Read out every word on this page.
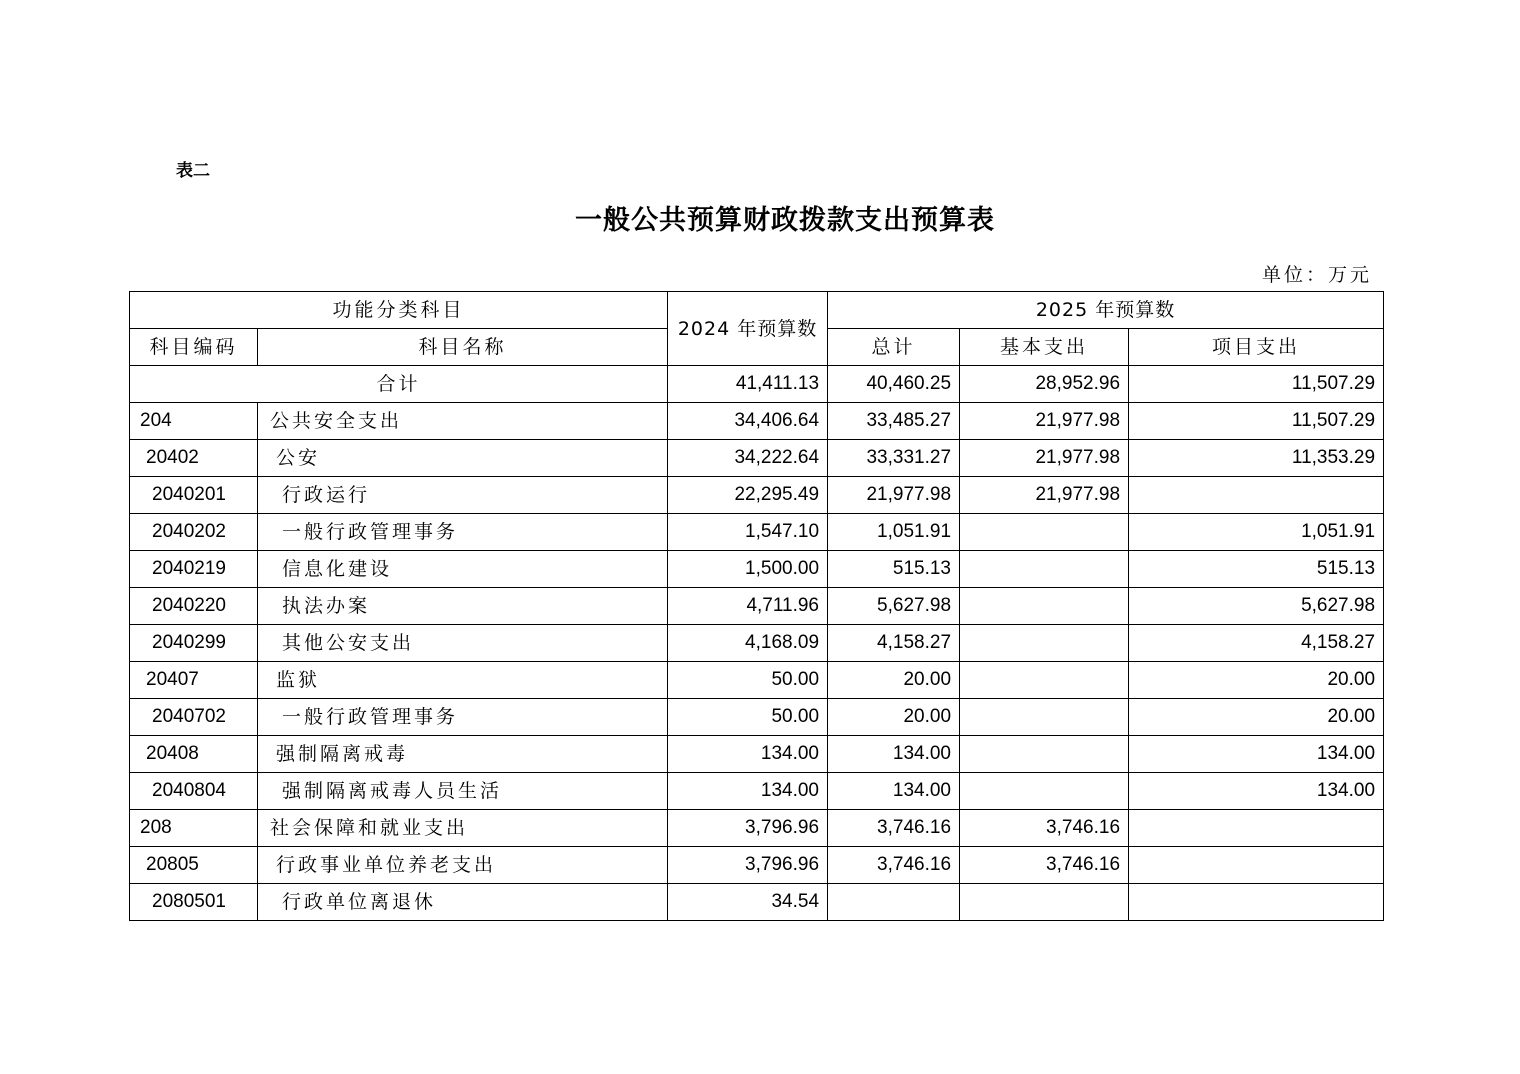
表二
一般公共预算财政拨款支出预算表
单位：万元
功能分类科目		2024 年预算数	2025 年预算数		
科目编码	科目名称		总计	基本支出	项目支出
合计		41,411.13	40,460.25	28,952.96	11,507.29
204	公共安全支出	34,406.64	33,485.27	21,977.98	11,507.29
20402	公安	34,222.64	33,331.27	21,977.98	11,353.29
2040201	行政运行	22,295.49	21,977.98	21,977.98	
2040202	一般行政管理事务	1,547.10	1,051.91		1,051.91
2040219	信息化建设	1,500.00	515.13		515.13
2040220	执法办案	4,711.96	5,627.98		5,627.98
2040299	其他公安支出	4,168.09	4,158.27		4,158.27
20407	监狱	50.00	20.00		20.00
2040702	一般行政管理事务	50.00	20.00		20.00
20408	强制隔离戒毒	134.00	134.00		134.00
2040804	强制隔离戒毒人员生活	134.00	134.00		134.00
208	社会保障和就业支出	3,796.96	3,746.16	3,746.16	
20805	行政事业单位养老支出	3,796.96	3,746.16	3,746.16	
2080501	行政单位离退休	34.54			
